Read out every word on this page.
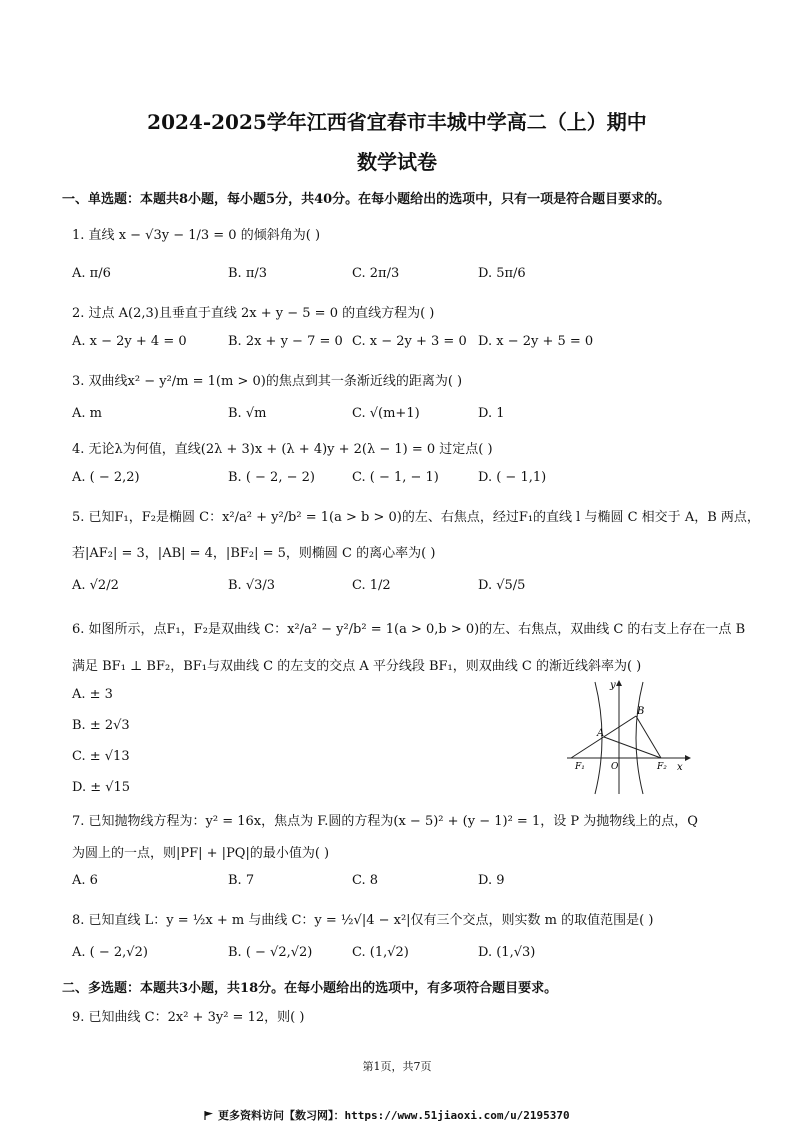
2024-2025学年江西省宜春市丰城中学高二（上）期中
数学试卷
一、单选题：本题共8小题，每小题5分，共40分。在每小题给出的选项中，只有一项是符合题目要求的。
1. 直线 x − √3y − 1/3 = 0 的倾斜角为( )
A. π/6	B. π/3	C. 2π/3	D. 5π/6
2. 过点 A(2,3)且垂直于直线 2x + y − 5 = 0 的直线方程为( )
A. x − 2y + 4 = 0	B. 2x + y − 7 = 0 C. x − 2y + 3 = 0 D. x − 2y + 5 = 0
3. 双曲线x² − y²/m = 1(m > 0)的焦点到其一条渐近线的距离为( )
A. m	B. √m	C. √(m+1)	D. 1
4. 无论λ为何值，直线(2λ + 3)x + (λ + 4)y + 2(λ − 1) = 0 过定点( )
A. ( − 2,2)	B. ( − 2, − 2)	C. ( − 1, − 1)	D. ( − 1,1)
5. 已知F₁，F₂是椭圆 C：x²/a² + y²/b² = 1(a > b > 0)的左、右焦点，经过F₁的直线 l 与椭圆 C 相交于 A，B 两点，
若|AF₂| = 3，|AB| = 4，|BF₂| = 5，则椭圆 C 的离心率为( )
A. √2/2	B. √3/3	C. 1/2	D. √5/5
6. 如图所示，点F₁，F₂是双曲线 C：x²/a² − y²/b² = 1(a > 0,b > 0)的左、右焦点，双曲线 C 的右支上存在一点 B
满足 BF₁ ⊥ BF₂，BF₁与双曲线 C 的左支的交点 A 平分线段 BF₁，则双曲线 C 的渐近线斜率为( )
A. ± 3
B. ± 2√3
C. ± √13
D. ± √15
y
x
B
A
F₁	O	F₂
7. 已知抛物线方程为：y² = 16x，焦点为 F.圆的方程为(x − 5)² + (y − 1)² = 1，设 P 为抛物线上的点，Q
为圆上的一点，则|PF| + |PQ|的最小值为( )
A. 6	B. 7	C. 8	D. 9
8. 已知直线 L：y = ½x + m 与曲线 C：y = ½√|4 − x²|仅有三个交点，则实数 m 的取值范围是( )
A. ( − 2,√2)	B. ( − √2,√2)	C. (1,√2)	D. (1,√3)
二、多选题：本题共3小题，共18分。在每小题给出的选项中，有多项符合题目要求。
9. 已知曲线 C：2x² + 3y² = 12，则( )
第1页，共7页
更多资料访问【数习网】：https://www.51jiaoxi.com/u/2195370
